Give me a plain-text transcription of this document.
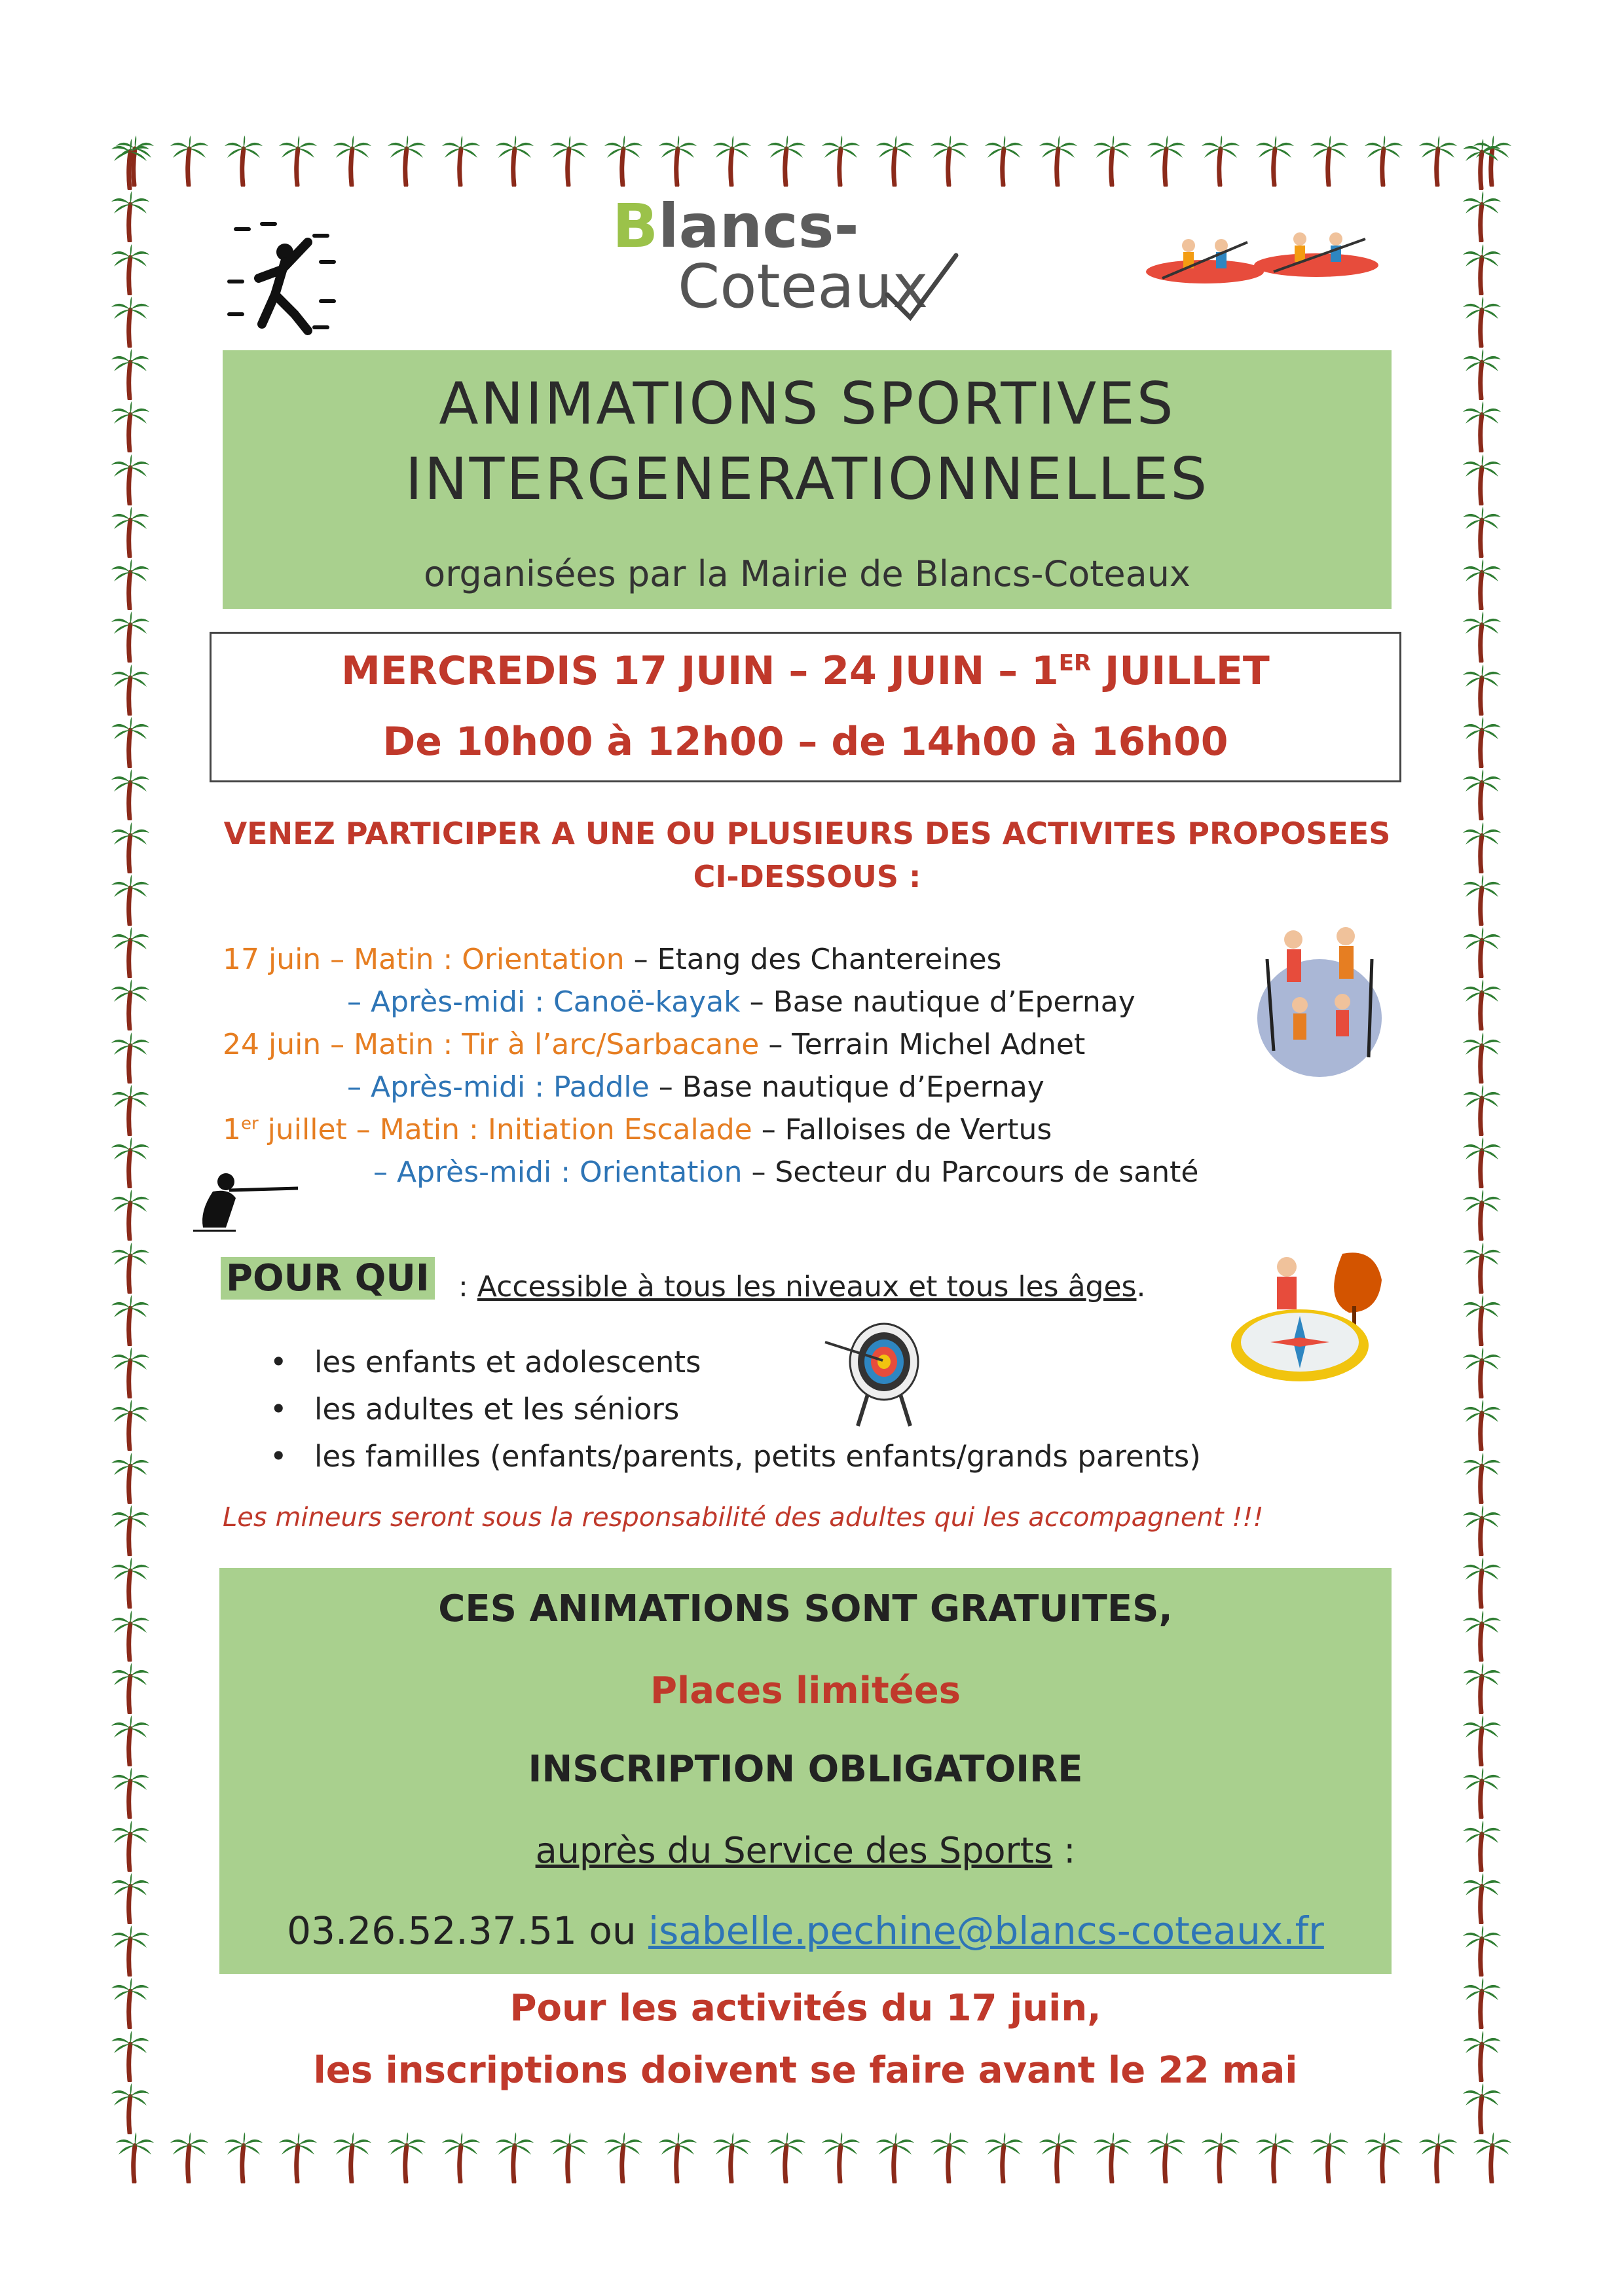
Blancs-
Coteaux
ANIMATIONS SPORTIVES
INTERGENERATIONNELLES
organisées par la Mairie de Blancs-Coteaux
MERCREDIS 17 JUIN – 24 JUIN – 1ER JUILLET
De 10h00 à 12h00 – de 14h00 à 16h00
VENEZ PARTICIPER A UNE OU PLUSIEURS DES ACTIVITES PROPOSEES
CI-DESSOUS :
17 juin – Matin : Orientation – Etang des Chantereines
– Après-midi : Canoë-kayak – Base nautique d’Epernay
24 juin – Matin : Tir à l’arc/Sarbacane – Terrain Michel Adnet
– Après-midi : Paddle – Base nautique d’Epernay
1er juillet – Matin : Initiation Escalade – Falloises de Vertus
– Après-midi : Orientation – Secteur du Parcours de santé
POUR QUI : Accessible à tous les niveaux et tous les âges.
• les enfants et adolescents
• les adultes et les séniors
• les familles (enfants/parents, petits enfants/grands parents)
Les mineurs seront sous la responsabilité des adultes qui les accompagnent !!!
CES ANIMATIONS SONT GRATUITES,
Places limitées
INSCRIPTION OBLIGATOIRE
auprès du Service des Sports :
03.26.52.37.51 ou isabelle.pechine@blancs-coteaux.fr
Pour les activités du 17 juin,
les inscriptions doivent se faire avant le 22 mai
